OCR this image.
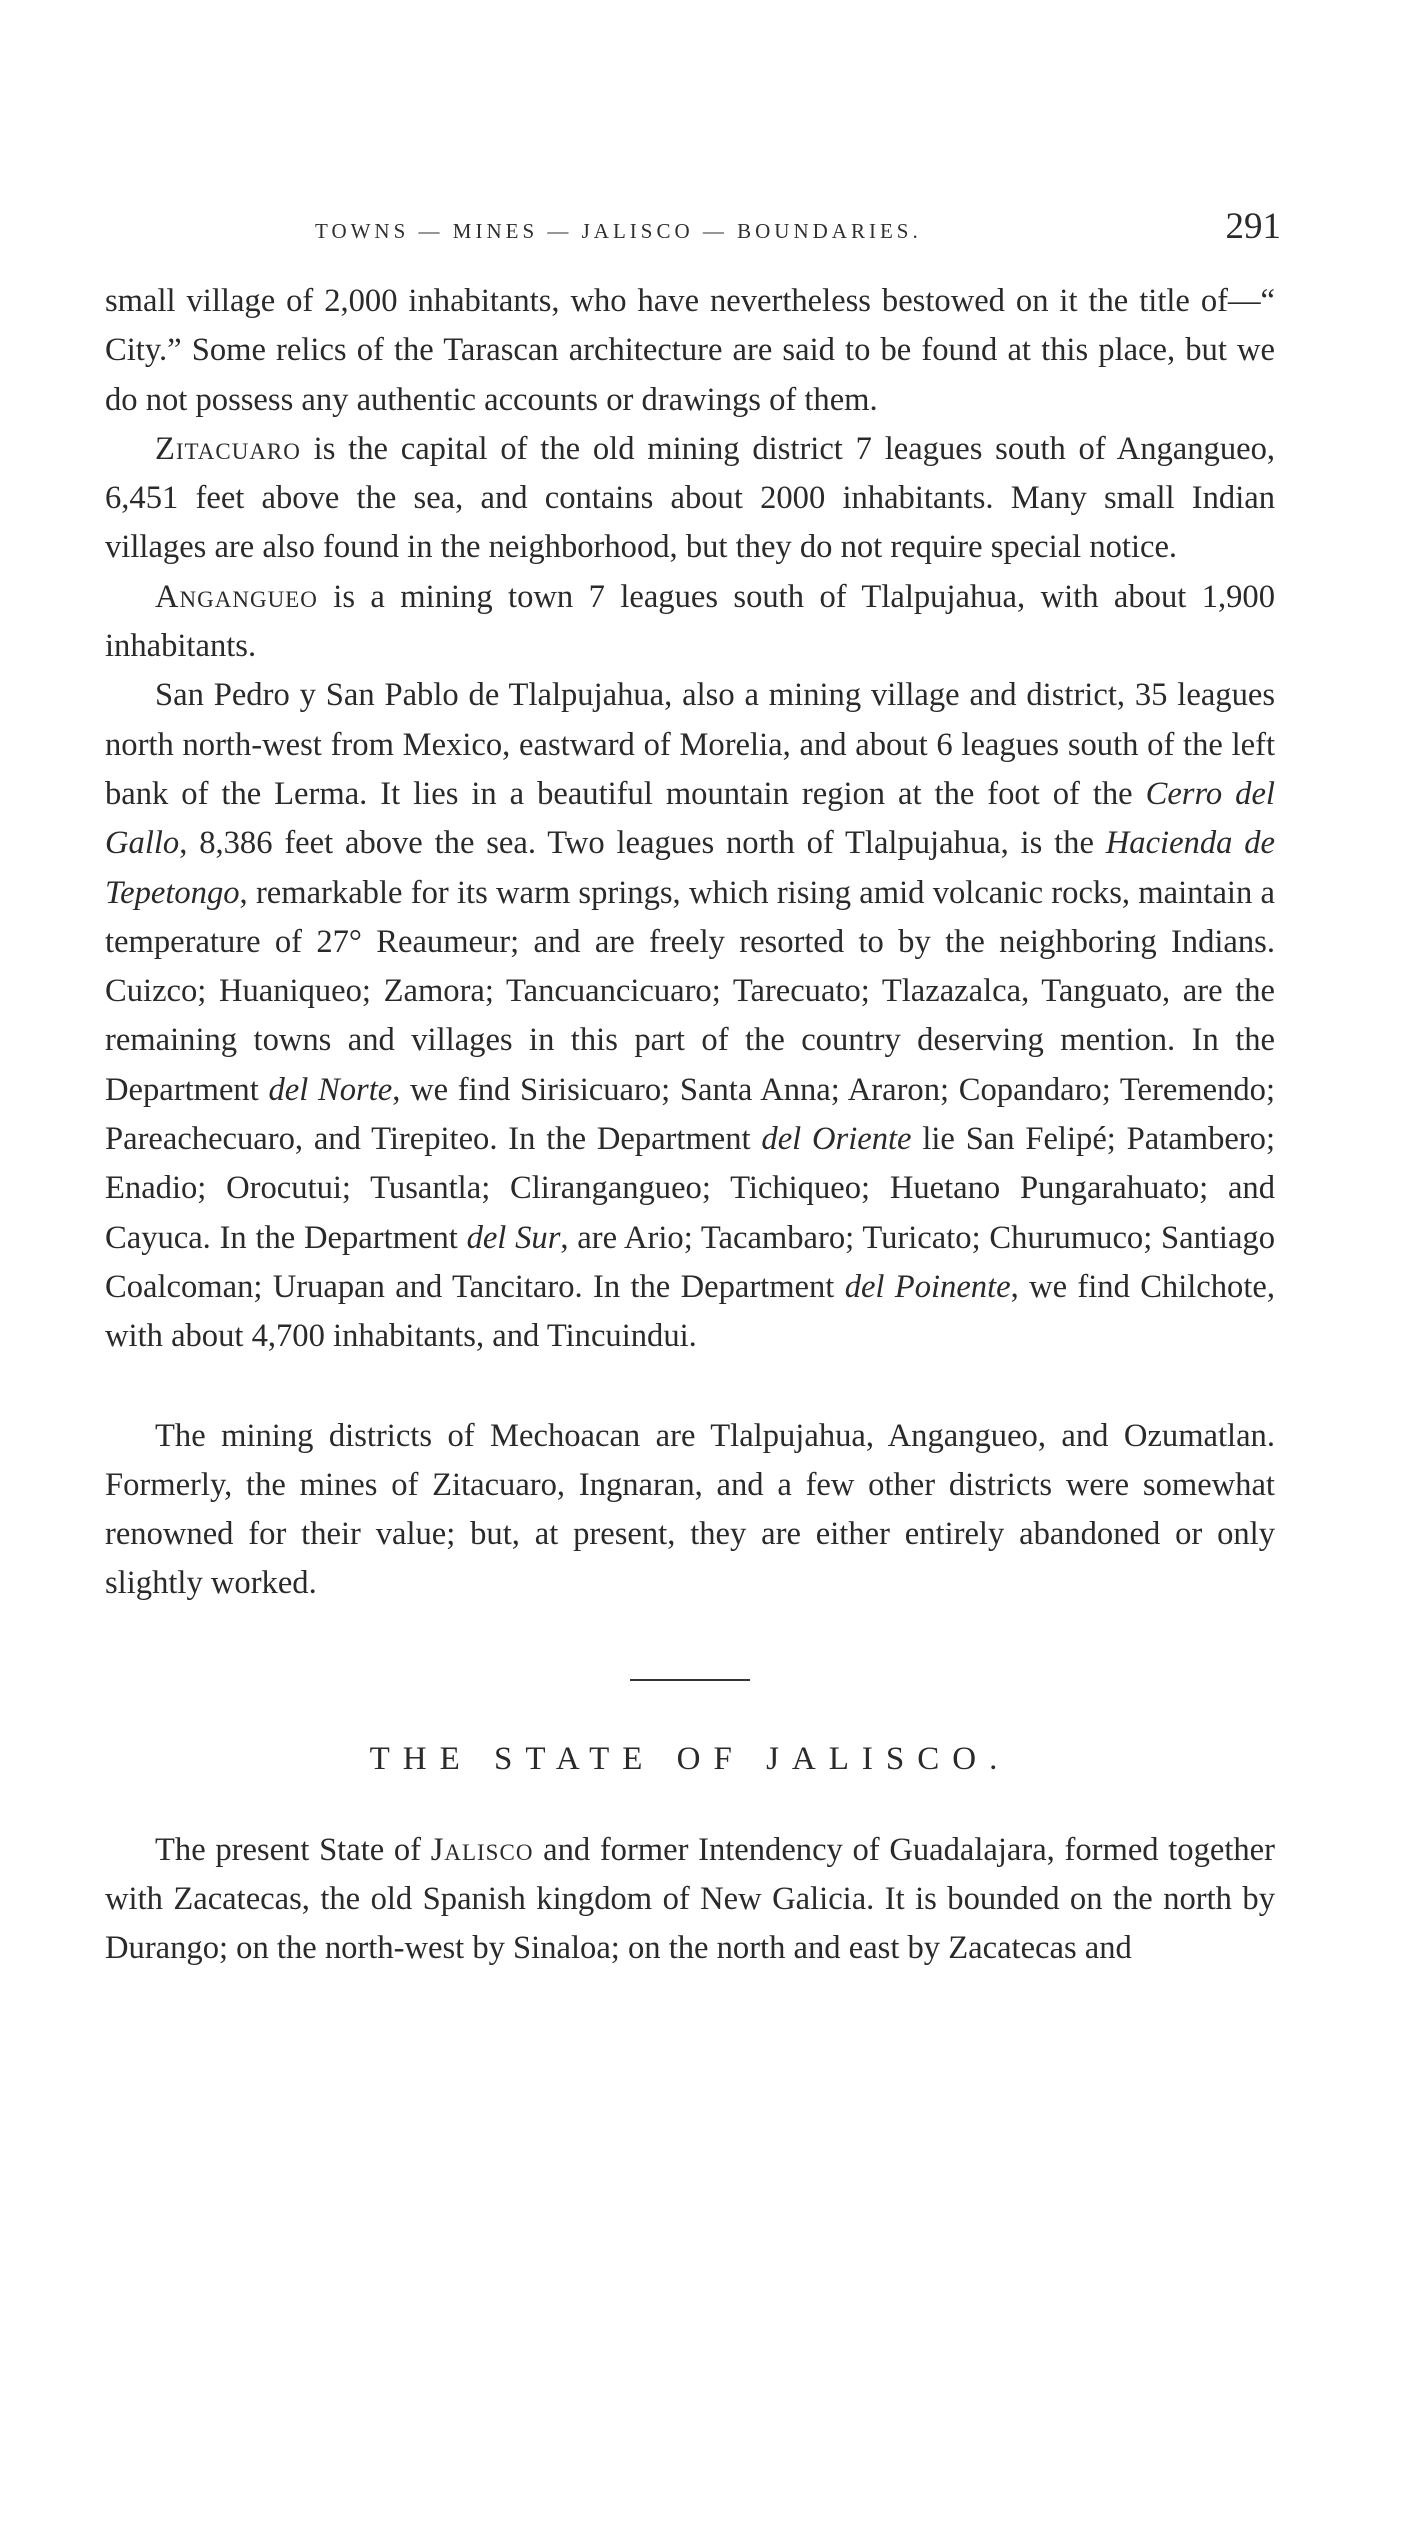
TOWNS — MINES — JALISCO — BOUNDARIES.	291

small village of 2,000 inhabitants, who have nevertheless bestowed on it the title of—“ City.” Some relics of the Tarascan architecture are said to be found at this place, but we do not possess any authentic accounts or drawings of them.

Zitacuaro is the capital of the old mining district 7 leagues south of Angangueo, 6,451 feet above the sea, and contains about 2000 inhabitants. Many small Indian villages are also found in the neighborhood, but they do not require special notice.

Angangueo is a mining town 7 leagues south of Tlalpujahua, with about 1,900 inhabitants.

San Pedro y San Pablo de Tlalpujahua, also a mining village and district, 35 leagues north north-west from Mexico, eastward of Morelia, and about 6 leagues south of the left bank of the Lerma. It lies in a beautiful mountain region at the foot of the Cerro del Gallo, 8,386 feet above the sea. Two leagues north of Tlalpujahua, is the Hacienda de Tepetongo, remarkable for its warm springs, which rising amid volcanic rocks, maintain a temperature of 27° Reaumeur; and are freely resorted to by the neighboring Indians. Cuizco; Huaniqueo; Zamora; Tancuancicuaro; Tarecuato; Tlazazalca, Tanguato, are the remaining towns and villages in this part of the country deserving mention. In the Department del Norte, we find Sirisicuaro; Santa Anna; Araron; Copandaro; Teremendo; Pareachecuaro, and Tirepiteo. In the Department del Oriente lie San Felipé; Patambero; Enadio; Orocutui; Tusantla; Cliranganguеo; Tichiqueo; Huetano Pungarahuato; and Cayuca. In the Department del Sur, are Ario; Tacambaro; Turicato; Churumuco; Santiago Coalcoman; Uruapan and Tancitaro. In the Department del Poinente, we find Chilchote, with about 4,700 inhabitants, and Tincuindui.

The mining districts of Mechoacan are Tlalpujahua, Angangueo, and Ozumatlan. Formerly, the mines of Zitacuaro, Ingnaran, and a few other districts were somewhat renowned for their value; but, at present, they are either entirely abandoned or only slightly worked.

THE STATE OF JALISCO.

The present State of Jalisco and former Intendency of Guadalajara, formed together with Zacatecas, the old Spanish kingdom of New Galicia. It is bounded on the north by Durango; on the north-west by Sinaloa; on the north and east by Zacatecas and
